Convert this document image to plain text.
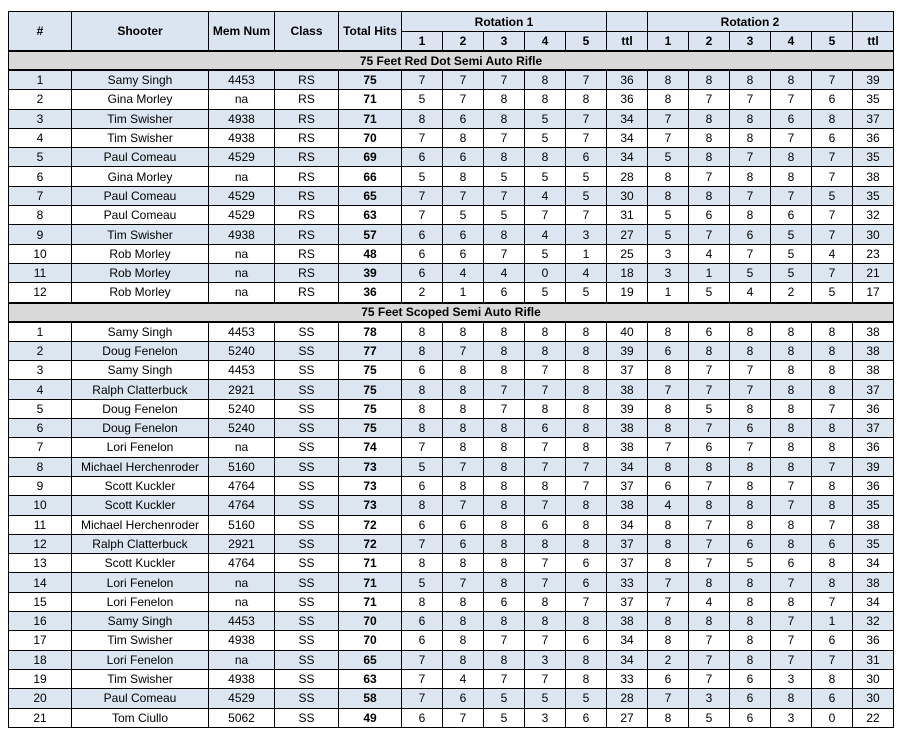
#	Shooter	Mem Num	Class	Total Hits	Rotation 1						Rotation 2					
					1	2	3	4	5	ttl	1	2	3	4	5	ttl
75 Feet Red Dot Semi Auto Rifle																
1	Samy Singh	4453	RS	75	7	7	7	8	7	36	8	8	8	8	7	39
2	Gina Morley	na	RS	71	5	7	8	8	8	36	8	7	7	7	6	35
3	Tim Swisher	4938	RS	71	8	6	8	5	7	34	7	8	8	6	8	37
4	Tim Swisher	4938	RS	70	7	8	7	5	7	34	7	8	8	7	6	36
5	Paul Comeau	4529	RS	69	6	6	8	8	6	34	5	8	7	8	7	35
6	Gina Morley	na	RS	66	5	8	5	5	5	28	8	7	8	8	7	38
7	Paul Comeau	4529	RS	65	7	7	7	4	5	30	8	8	7	7	5	35
8	Paul Comeau	4529	RS	63	7	5	5	7	7	31	5	6	8	6	7	32
9	Tim Swisher	4938	RS	57	6	6	8	4	3	27	5	7	6	5	7	30
10	Rob Morley	na	RS	48	6	6	7	5	1	25	3	4	7	5	4	23
11	Rob Morley	na	RS	39	6	4	4	0	4	18	3	1	5	5	7	21
12	Rob Morley	na	RS	36	2	1	6	5	5	19	1	5	4	2	5	17
75 Feet Scoped Semi Auto Rifle																
1	Samy Singh	4453	SS	78	8	8	8	8	8	40	8	6	8	8	8	38
2	Doug Fenelon	5240	SS	77	8	7	8	8	8	39	6	8	8	8	8	38
3	Samy Singh	4453	SS	75	6	8	8	7	8	37	8	7	7	8	8	38
4	Ralph Clatterbuck	2921	SS	75	8	8	7	7	8	38	7	7	7	8	8	37
5	Doug Fenelon	5240	SS	75	8	8	7	8	8	39	8	5	8	8	7	36
6	Doug Fenelon	5240	SS	75	8	8	8	6	8	38	8	7	6	8	8	37
7	Lori Fenelon	na	SS	74	7	8	8	7	8	38	7	6	7	8	8	36
8	Michael Herchenroder	5160	SS	73	5	7	8	7	7	34	8	8	8	8	7	39
9	Scott Kuckler	4764	SS	73	6	8	8	8	7	37	6	7	8	7	8	36
10	Scott Kuckler	4764	SS	73	8	7	8	7	8	38	4	8	8	7	8	35
11	Michael Herchenroder	5160	SS	72	6	6	8	6	8	34	8	7	8	8	7	38
12	Ralph Clatterbuck	2921	SS	72	7	6	8	8	8	37	8	7	6	8	6	35
13	Scott Kuckler	4764	SS	71	8	8	8	7	6	37	8	7	5	6	8	34
14	Lori Fenelon	na	SS	71	5	7	8	7	6	33	7	8	8	7	8	38
15	Lori Fenelon	na	SS	71	8	8	6	8	7	37	7	4	8	8	7	34
16	Samy Singh	4453	SS	70	6	8	8	8	8	38	8	8	8	7	1	32
17	Tim Swisher	4938	SS	70	6	8	7	7	6	34	8	7	8	7	6	36
18	Lori Fenelon	na	SS	65	7	8	8	3	8	34	2	7	8	7	7	31
19	Tim Swisher	4938	SS	63	7	4	7	7	8	33	6	7	6	3	8	30
20	Paul Comeau	4529	SS	58	7	6	5	5	5	28	7	3	6	8	6	30
21	Tom Ciullo	5062	SS	49	6	7	5	3	6	27	8	5	6	3	0	22
